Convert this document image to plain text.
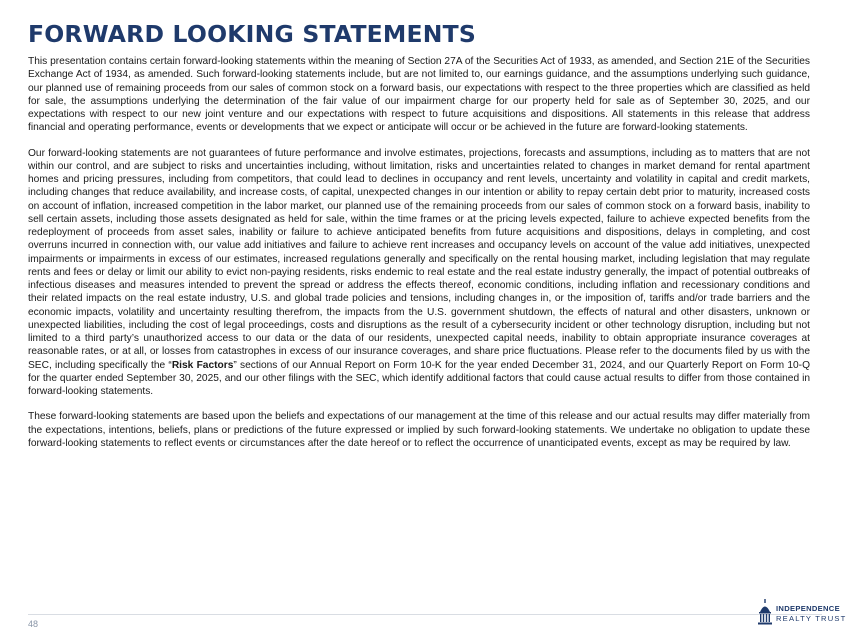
FORWARD LOOKING STATEMENTS

This presentation contains certain forward-looking statements within the meaning of Section 27A of the Securities Act of 1933, as amended, and Section 21E of the Securities Exchange Act of 1934, as amended. Such forward-looking statements include, but are not limited to, our earnings guidance, and the assumptions underlying such guidance, our planned use of remaining proceeds from our sales of common stock on a forward basis, our expectations with respect to the three properties which are classified as held for sale, the assumptions underlying the determination of the fair value of our impairment charge for our property held for sale as of September 30, 2025, and our expectations with respect to our new joint venture and our expectations with respect to future acquisitions and dispositions. All statements in this release that address financial and operating performance, events or developments that we expect or anticipate will occur or be achieved in the future are forward-looking statements.

Our forward-looking statements are not guarantees of future performance and involve estimates, projections, forecasts and assumptions, including as to matters that are not within our control, and are subject to risks and uncertainties including, without limitation, risks and uncertainties related to changes in market demand for rental apartment homes and pricing pressures, including from competitors, that could lead to declines in occupancy and rent levels, uncertainty and volatility in capital and credit markets, including changes that reduce availability, and increase costs, of capital, unexpected changes in our intention or ability to repay certain debt prior to maturity, increased costs on account of inflation, increased competition in the labor market, our planned use of the remaining proceeds from our sales of common stock on a forward basis, inability to sell certain assets, including those assets designated as held for sale, within the time frames or at the pricing levels expected, failure to achieve expected benefits from the redeployment of proceeds from asset sales, inability or failure to achieve anticipated benefits from future acquisitions and dispositions, delays in completing, and cost overruns incurred in connection with, our value add initiatives and failure to achieve rent increases and occupancy levels on account of the value add initiatives, unexpected impairments or impairments in excess of our estimates, increased regulations generally and specifically on the rental housing market, including legislation that may regulate rents and fees or delay or limit our ability to evict non-paying residents, risks endemic to real estate and the real estate industry generally, the impact of potential outbreaks of infectious diseases and measures intended to prevent the spread or address the effects thereof, economic conditions, including inflation and recessionary conditions and their related impacts on the real estate industry, U.S. and global trade policies and tensions, including changes in, or the imposition of, tariffs and/or trade barriers and the economic impacts, volatility and uncertainty resulting therefrom, the impacts from the U.S. government shutdown, the effects of natural and other disasters, unknown or unexpected liabilities, including the cost of legal proceedings, costs and disruptions as the result of a cybersecurity incident or other technology disruption, including but not limited to a third party’s unauthorized access to our data or the data of our residents, unexpected capital needs, inability to obtain appropriate insurance coverages at reasonable rates, or at all, or losses from catastrophes in excess of our insurance coverages, and share price fluctuations. Please refer to the documents filed by us with the SEC, including specifically the “Risk Factors” sections of our Annual Report on Form 10-K for the year ended December 31, 2024, and our Quarterly Report on Form 10-Q for the quarter ended September 30, 2025, and our other filings with the SEC, which identify additional factors that could cause actual results to differ from those contained in forward-looking statements.

These forward-looking statements are based upon the beliefs and expectations of our management at the time of this release and our actual results may differ materially from the expectations, intentions, beliefs, plans or predictions of the future expressed or implied by such forward-looking statements. We undertake no obligation to update these forward-looking statements to reflect events or circumstances after the date hereof or to reflect the occurrence of unanticipated events, except as may be required by law.

48
INDEPENDENCE
REALTY TRUST
